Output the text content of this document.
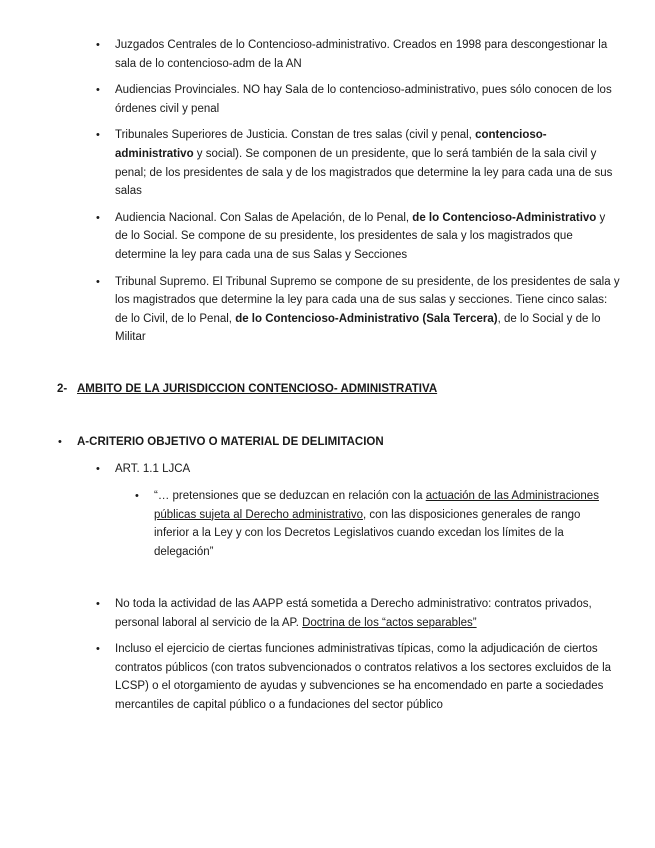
• Juzgados Centrales de lo Contencioso-administrativo. Creados en 1998 para descongestionar la sala de lo contencioso-adm de la AN
• Audiencias Provinciales. NO hay Sala de lo contencioso-administrativo, pues sólo conocen de los órdenes civil y penal
• Tribunales Superiores de Justicia. Constan de tres salas (civil y penal, contencioso-administrativo y social). Se componen de un presidente, que lo será también de la sala civil y penal; de los presidentes de sala y de los magistrados que determine la ley para cada una de sus salas
• Audiencia Nacional. Con Salas de Apelación, de lo Penal, de lo Contencioso-Administrativo y de lo Social. Se compone de su presidente, los presidentes de sala y los magistrados que determine la ley para cada una de sus Salas y Secciones
• Tribunal Supremo. El Tribunal Supremo se compone de su presidente, de los presidentes de sala y los magistrados que determine la ley para cada una de sus salas y secciones. Tiene cinco salas: de lo Civil, de lo Penal, de lo Contencioso-Administrativo (Sala Tercera), de lo Social y de lo Militar
2- AMBITO DE LA JURISDICCION CONTENCIOSO- ADMINISTRATIVA
• A-CRITERIO OBJETIVO O MATERIAL DE DELIMITACION
• ART. 1.1 LJCA
• “… pretensiones que se deduzcan en relación con la actuación de las Administraciones públicas sujeta al Derecho administrativo, con las disposiciones generales de rango inferior a la Ley y con los Decretos Legislativos cuando excedan los límites de la delegación”
• No toda la actividad de las AAPP está sometida a Derecho administrativo: contratos privados, personal laboral al servicio de la AP. Doctrina de los “actos separables”
• Incluso el ejercicio de ciertas funciones administrativas típicas, como la adjudicación de ciertos contratos públicos (con tratos subvencionados o contratos relativos a los sectores excluidos de la LCSP) o el otorgamiento de ayudas y subvenciones se ha encomendado en parte a sociedades mercantiles de capital público o a fundaciones del sector público
